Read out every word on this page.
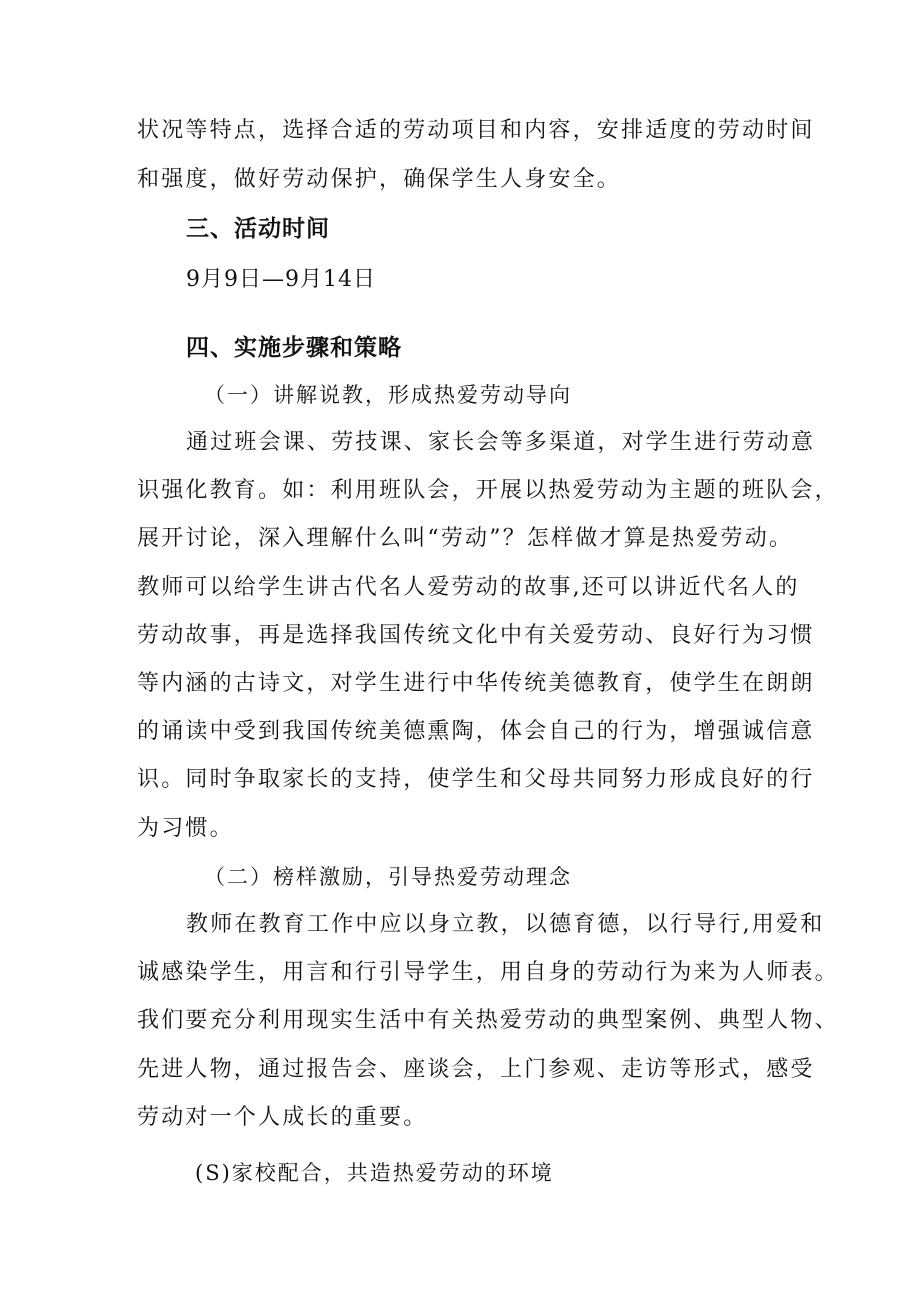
状况等特点，选择合适的劳动项目和内容，安排适度的劳动时间
和强度，做好劳动保护，确保学生人身安全。
三、活动时间
9月9日—9月14日
四、实施步骤和策略
（一）讲解说教，形成热爱劳动导向
通过班会课、劳技课、家长会等多渠道，对学生进行劳动意
识强化教育。如：利用班队会，开展以热爱劳动为主题的班队会，
展开讨论，深入理解什么叫“劳动”？怎样做才算是热爱劳动。
教师可以给学生讲古代名人爱劳动的故事,还可以讲近代名人的
劳动故事，再是选择我国传统文化中有关爱劳动、良好行为习惯
等内涵的古诗文，对学生进行中华传统美德教育，使学生在朗朗
的诵读中受到我国传统美德熏陶，体会自己的行为，增强诚信意
识。同时争取家长的支持，使学生和父母共同努力形成良好的行
为习惯。
（二）榜样激励，引导热爱劳动理念
教师在教育工作中应以身立教，以德育德，以行导行,用爱和
诚感染学生，用言和行引导学生，用自身的劳动行为来为人师表。
我们要充分利用现实生活中有关热爱劳动的典型案例、典型人物、
先进人物，通过报告会、座谈会，上门参观、走访等形式，感受
劳动对一个人成长的重要。
(S)家校配合，共造热爱劳动的环境
